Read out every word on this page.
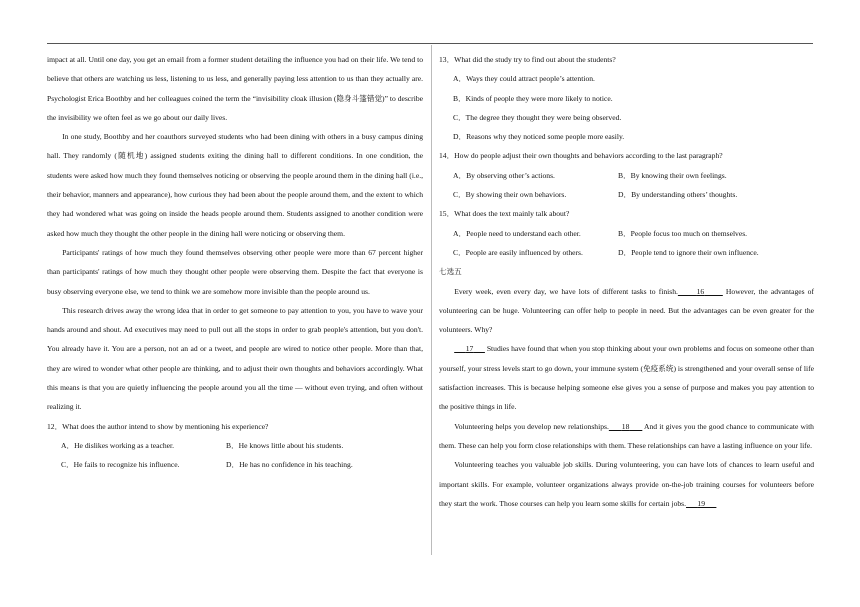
impact at all. Until one day, you get an email from a former student detailing the influence you had on their life. We tend to believe that others are watching us less, listening to us less, and generally paying less attention to us than they actually are. Psychologist Erica Boothby and her colleagues coined the term the “invisibility cloak illusion (隐身斗篷错觉)” to describe the invisibility we often feel as we go about our daily lives.

In one study, Boothby and her coauthors surveyed students who had been dining with others in a busy campus dining hall. They randomly (随机地) assigned students exiting the dining hall to different conditions. In one condition, the students were asked how much they found themselves noticing or observing the people around them in the dining hall (i.e., their behavior, manners and appearance), how curious they had been about the people around them, and the extent to which they had wondered what was going on inside the heads people around them. Students assigned to another condition were asked how much they thought the other people in the dining hall were noticing or observing them.

Participants' ratings of how much they found themselves observing other people were more than 67 percent higher than participants' ratings of how much they thought other people were observing them. Despite the fact that everyone is busy observing everyone else, we tend to think we are somehow more invisible than the people around us.

This research drives away the wrong idea that in order to get someone to pay attention to you, you have to wave your hands around and shout. Ad executives may need to pull out all the stops in order to grab people's attention, but you don't. You already have it. You are a person, not an ad or a tweet, and people are wired to notice other people. More than that, they are wired to wonder what other people are thinking, and to adjust their own thoughts and behaviors accordingly. What this means is that you are quietly influencing the people around you all the time — without even trying, and often without realizing it.

12．What does the author intend to show by mentioning his experience?

A．He dislikes working as a teacher.	B．He knows little about his students.
C．He fails to recognize his influence.	D．He has no confidence in his teaching.

13．What did the study try to find out about the students?

A．Ways they could attract people’s attention.
B．Kinds of people they were more likely to notice.
C．The degree they thought they were being observed.
D．Reasons why they noticed some people more easily.

14．How do people adjust their own thoughts and behaviors according to the last paragraph?

A．By observing other’s actions.	B．By knowing their own feelings.
C．By showing their own behaviors.	D．By understanding others’ thoughts.

15．What does the text mainly talk about?

A．People need to understand each other.	B．People focus too much on themselves.
C．People are easily influenced by others.	D．People tend to ignore their own influence.

七选五

Every week, even every day, we have lots of different tasks to finish. 16       However, the advantages of volunteering can be huge. Volunteering can offer help to people in need. But the advantages can be even greater for the volunteers. Why?

17       Studies have found that when you stop thinking about your own problems and focus on someone other than yourself, your stress levels start to go down, your immune system (免疫系统) is strengthened and your overall sense of life satisfaction increases. This is because helping someone else gives you a sense of purpose and makes you pay attention to the positive things in life.

Volunteering helps you develop new relationships. 18       And it gives you the good chance to communicate with them. These can help you form close relationships with them. These relationships can have a lasting influence on your life.

Volunteering teaches you valuable job skills. During volunteering, you can have lots of chances to learn useful and important skills. For example, volunteer organizations always provide on-the-job training courses for volunteers before they start the work. Those courses can help you learn some skills for certain jobs. 19
